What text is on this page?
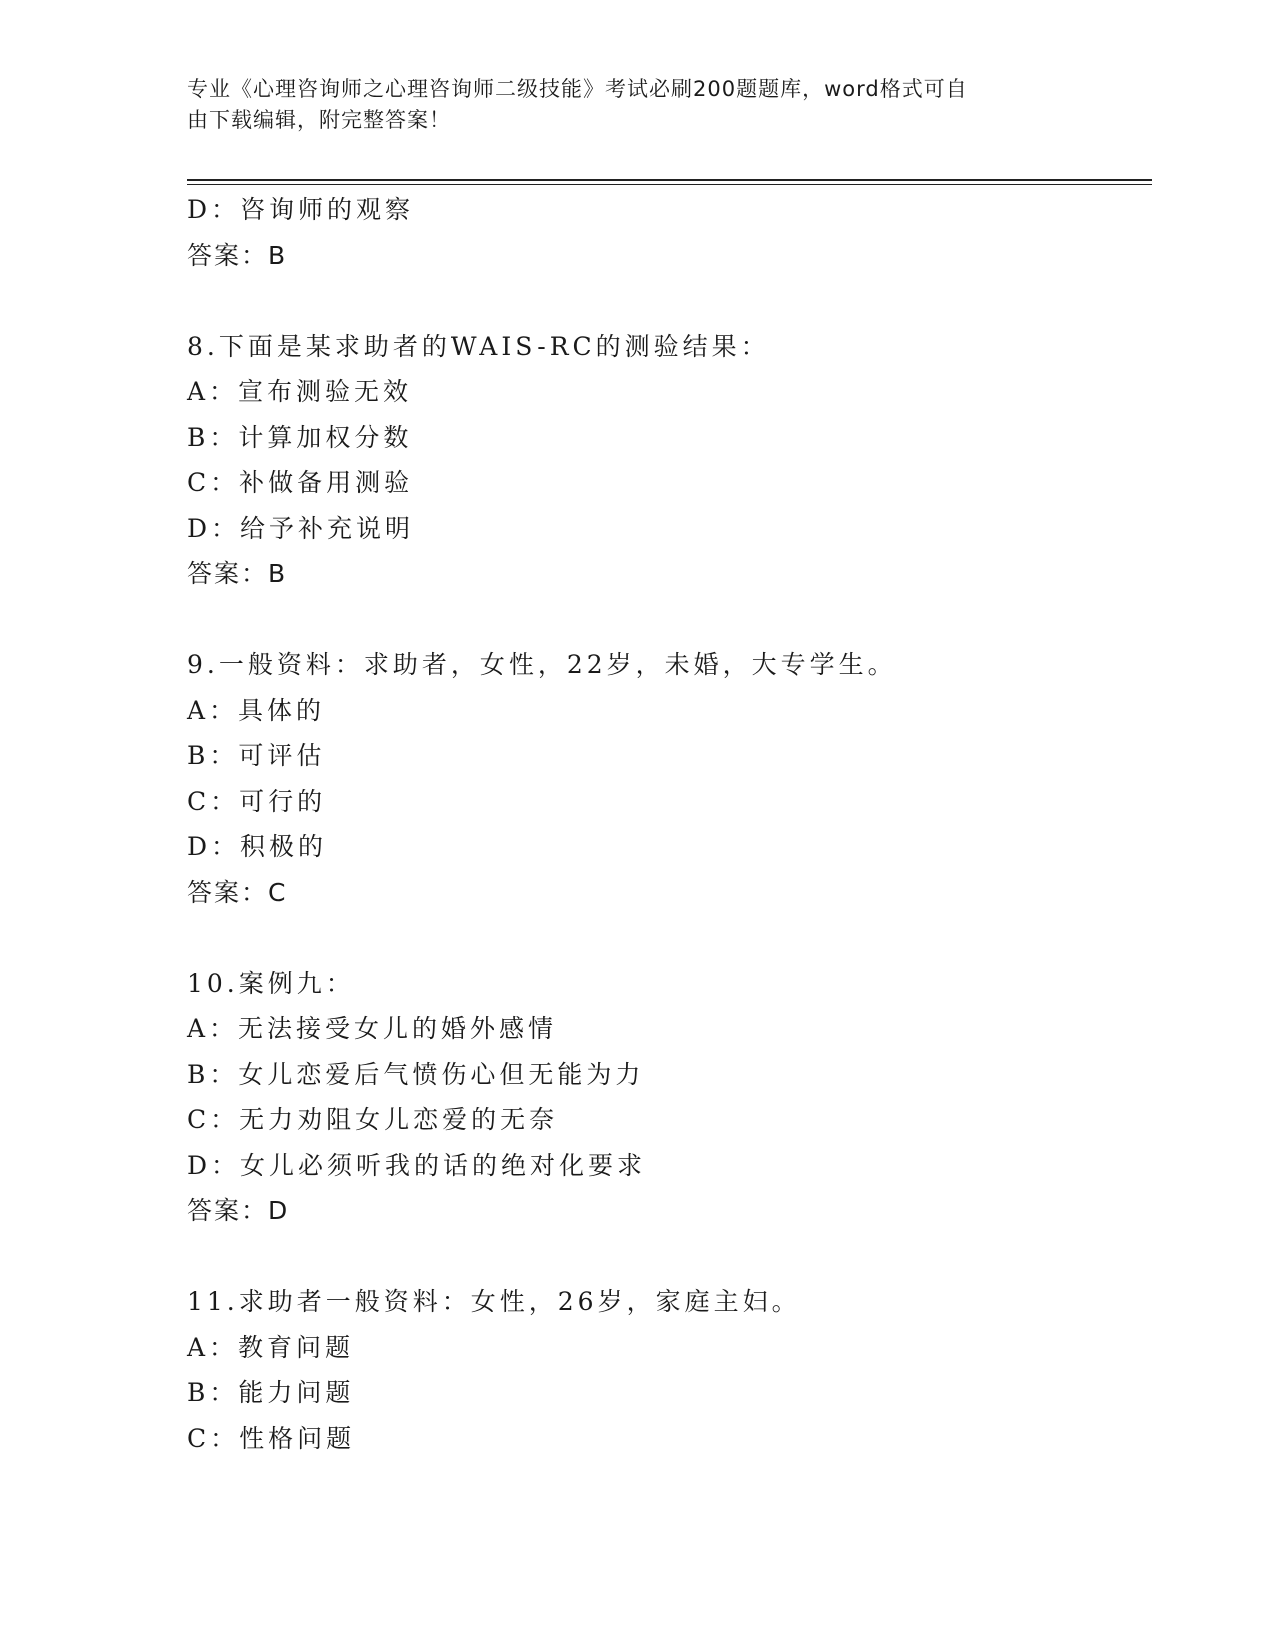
专业《心理咨询师之心理咨询师二级技能》考试必刷200题题库，word格式可自
由下载编辑，附完整答案！
D：咨询师的观察
答案：B
8.下面是某求助者的WAIS-RC的测验结果：
A：宣布测验无效
B：计算加权分数
C：补做备用测验
D：给予补充说明
答案：B
9.一般资料：求助者，女性，22岁，未婚，大专学生。
A：具体的
B：可评估
C：可行的
D：积极的
答案：C
10.案例九：
A：无法接受女儿的婚外感情
B：女儿恋爱后气愤伤心但无能为力
C：无力劝阻女儿恋爱的无奈
D：女儿必须听我的话的绝对化要求
答案：D
11.求助者一般资料：女性，26岁，家庭主妇。
A：教育问题
B：能力问题
C：性格问题
